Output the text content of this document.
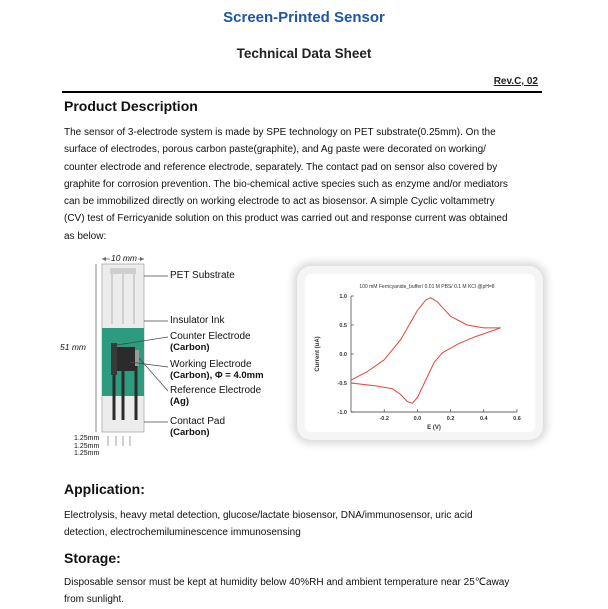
Screen-Printed Sensor
Technical Data Sheet
Rev.C, 02
Product Description
The sensor of 3-electrode system is made by SPE technology on PET substrate(0.25mm). On the
surface of electrodes, porous carbon paste(graphite), and Ag paste were decorated on working/
counter electrode and reference electrode, separately. The contact pad on sensor also covered by
graphite for corrosion prevention. The bio-chemical active species such as enzyme and/or mediators
can be immobilized directly on working electrode to act as biosensor. A simple Cyclic voltammetry
(CV) test of Ferricyanide solution on this product was carried out and response current was obtained
as below:
10 mm
51 mm
1.25mm
1.25mm
1.25mm
PET Substrate
Insulator Ink
Counter Electrode
(Carbon)
Working Electrode
(Carbon), Φ = 4.0mm
Reference Electrode
(Ag)
Contact Pad
(Carbon)
100 mM Ferricyanide_buffer/ 0.01 M PBS/ 0.1 M KCl @pH=8
-1.0
-0.5
0.0
0.5
1.0
-0.2	0.0	0.2	0.4	0.6
E (V)
Current (uA)
Application:
Electrolysis, heavy metal detection, glucose/lactate biosensor, DNA/immunosensor, uric acid
detection, electrochemiluminescence immunosensing
Storage:
Disposable sensor must be kept at humidity below 40%RH and ambient temperature near 25℃away
from sunlight.
